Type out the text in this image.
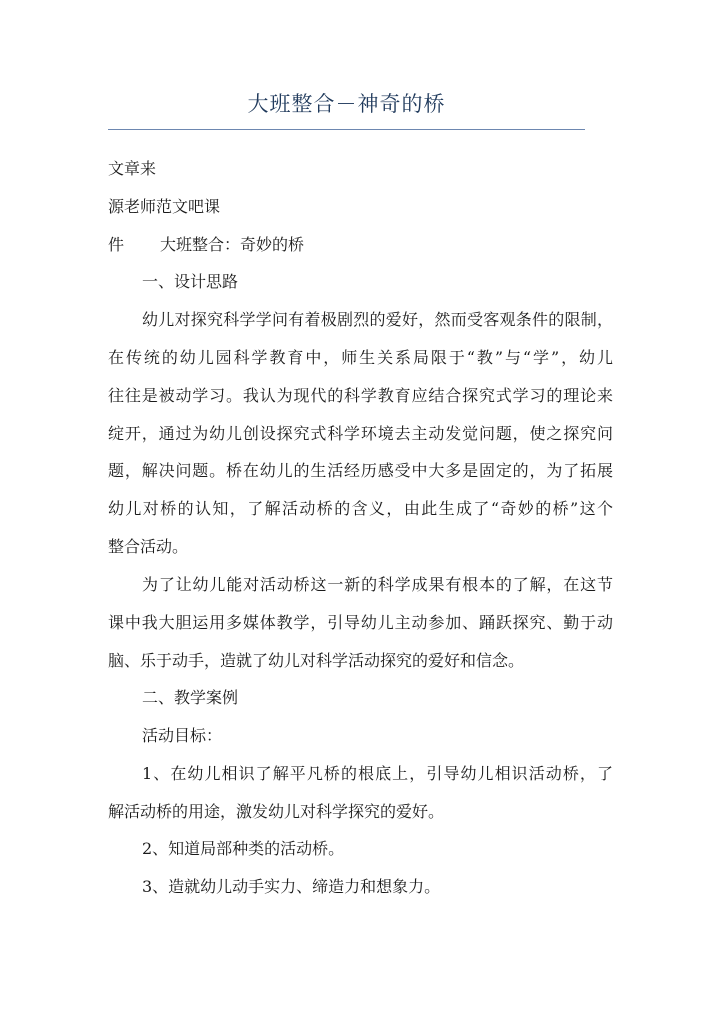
大班整合－神奇的桥
文章来
源老师范文吧课
件 大班整合：奇妙的桥
一、设计思路
幼儿对探究科学学问有着极剧烈的爱好，然而受客观条件的限制，
在传统的幼儿园科学教育中，师生关系局限于“教”与“学”，幼儿
往往是被动学习。我认为现代的科学教育应结合探究式学习的理论来
绽开，通过为幼儿创设探究式科学环境去主动发觉问题，使之探究问
题，解决问题。桥在幼儿的生活经历感受中大多是固定的，为了拓展
幼儿对桥的认知，了解活动桥的含义，由此生成了“奇妙的桥”这个
整合活动。
为了让幼儿能对活动桥这一新的科学成果有根本的了解，在这节
课中我大胆运用多媒体教学，引导幼儿主动参加、踊跃探究、勤于动
脑、乐于动手，造就了幼儿对科学活动探究的爱好和信念。
二、教学案例
活动目标：
1、在幼儿相识了解平凡桥的根底上，引导幼儿相识活动桥，了
解活动桥的用途，激发幼儿对科学探究的爱好。
2、知道局部种类的活动桥。
3、造就幼儿动手实力、缔造力和想象力。
